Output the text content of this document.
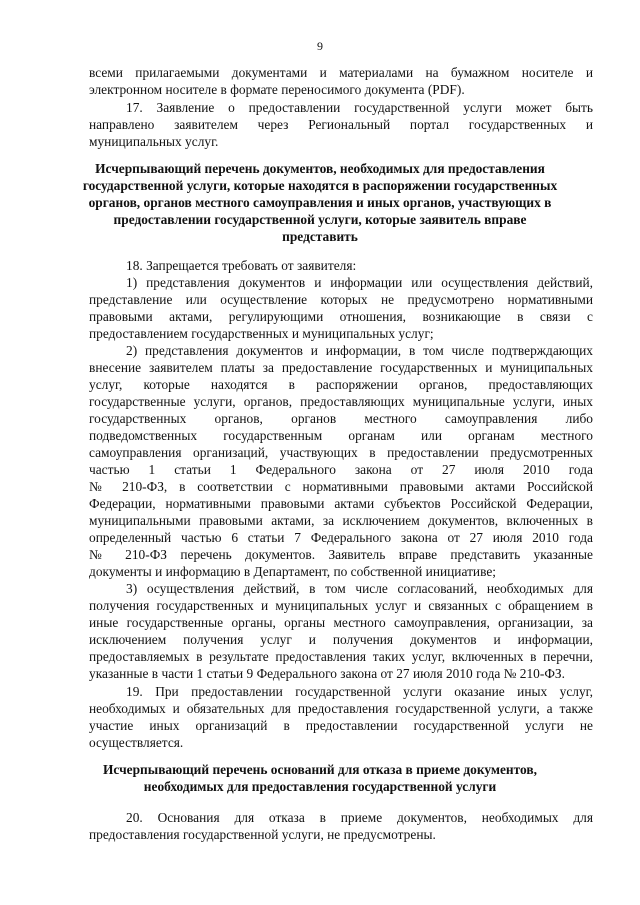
9
всеми прилагаемыми документами и материалами на бумажном носителе и
электронном носителе в формате переносимого документа (PDF).
17. Заявление о предоставлении государственной услуги может быть
направлено заявителем через Региональный портал государственных и
муниципальных услуг.
Исчерпывающий перечень документов, необходимых для предоставления
государственной услуги, которые находятся в распоряжении государственных
органов, органов местного самоуправления и иных органов, участвующих в
предоставлении государственной услуги, которые заявитель вправе
представить
18. Запрещается требовать от заявителя:
1) представления документов и информации или осуществления действий,
представление или осуществление которых не предусмотрено нормативными
правовыми актами, регулирующими отношения, возникающие в связи с
предоставлением государственных и муниципальных услуг;
2) представления документов и информации, в том числе подтверждающих
внесение заявителем платы за предоставление государственных и муниципальных
услуг, которые находятся в распоряжении органов, предоставляющих
государственные услуги, органов, предоставляющих муниципальные услуги, иных
государственных органов, органов местного самоуправления либо
подведомственных государственным органам или органам местного
самоуправления организаций, участвующих в предоставлении предусмотренных
частью 1 статьи 1 Федерального закона от 27 июля 2010 года
№ 210-ФЗ, в соответствии с нормативными правовыми актами Российской
Федерации, нормативными правовыми актами субъектов Российской Федерации,
муниципальными правовыми актами, за исключением документов, включенных в
определенный частью 6 статьи 7 Федерального закона от 27 июля 2010 года
№ 210-ФЗ перечень документов. Заявитель вправе представить указанные
документы и информацию в Департамент, по собственной инициативе;
3) осуществления действий, в том числе согласований, необходимых для
получения государственных и муниципальных услуг и связанных с обращением в
иные государственные органы, органы местного самоуправления, организации, за
исключением получения услуг и получения документов и информации,
предоставляемых в результате предоставления таких услуг, включенных в перечни,
указанные в части 1 статьи 9 Федерального закона от 27 июля 2010 года № 210-ФЗ.
19. При предоставлении государственной услуги оказание иных услуг,
необходимых и обязательных для предоставления государственной услуги, а также
участие иных организаций в предоставлении государственной услуги не
осуществляется.
Исчерпывающий перечень оснований для отказа в приеме документов,
необходимых для предоставления государственной услуги
20. Основания для отказа в приеме документов, необходимых для
предоставления государственной услуги, не предусмотрены.
